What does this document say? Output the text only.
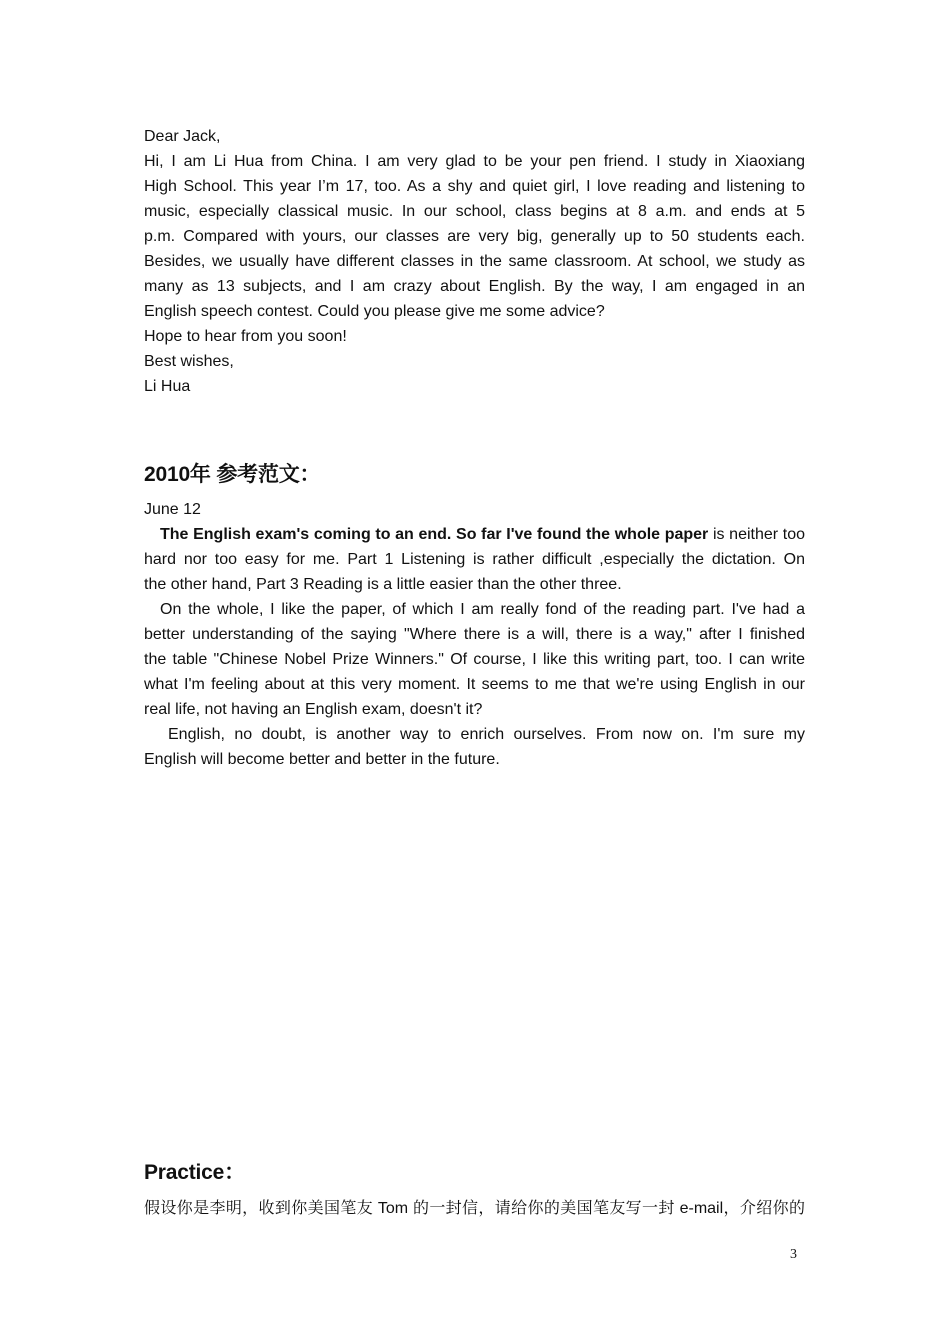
Dear Jack,
Hi, I am Li Hua from China. I am very glad to be your pen friend. I study in Xiaoxiang
High School. This year I’m 17, too. As a shy and quiet girl, I love reading and listening to
music, especially classical music. In our school, class begins at 8 a.m. and ends at 5
p.m. Compared with yours, our classes are very big, generally up to 50 students each.
Besides, we usually have different classes in the same classroom. At school, we study as
many as 13 subjects, and I am crazy about English. By the way, I am engaged in an
English speech contest. Could you please give me some advice?
Hope to hear from you soon!
Best wishes,
Li Hua
2010年 参考范文：
June 12
The English exam's coming to an end. So far I've found the whole paper is neither too
hard nor too easy for me. Part 1 Listening is rather difficult ,especially the dictation. On
the other hand, Part 3 Reading is a little easier than the other three.
On the whole, I like the paper, of which I am really fond of the reading part. I've had a
better understanding of the saying "Where there is a will, there is a way," after I finished
the table "Chinese Nobel Prize Winners." Of course, I like this writing part, too. I can write
what I'm feeling about at this very moment. It seems to me that we're using English in our
real life, not having an English exam, doesn't it?
English, no doubt, is another way to enrich ourselves. From now on. I'm sure my
English will become better and better in the future.
Practice：
假设你是李明，收到你美国笔友 Tom 的一封信，请给你的美国笔友写一封 e-mail，介绍你的
3
